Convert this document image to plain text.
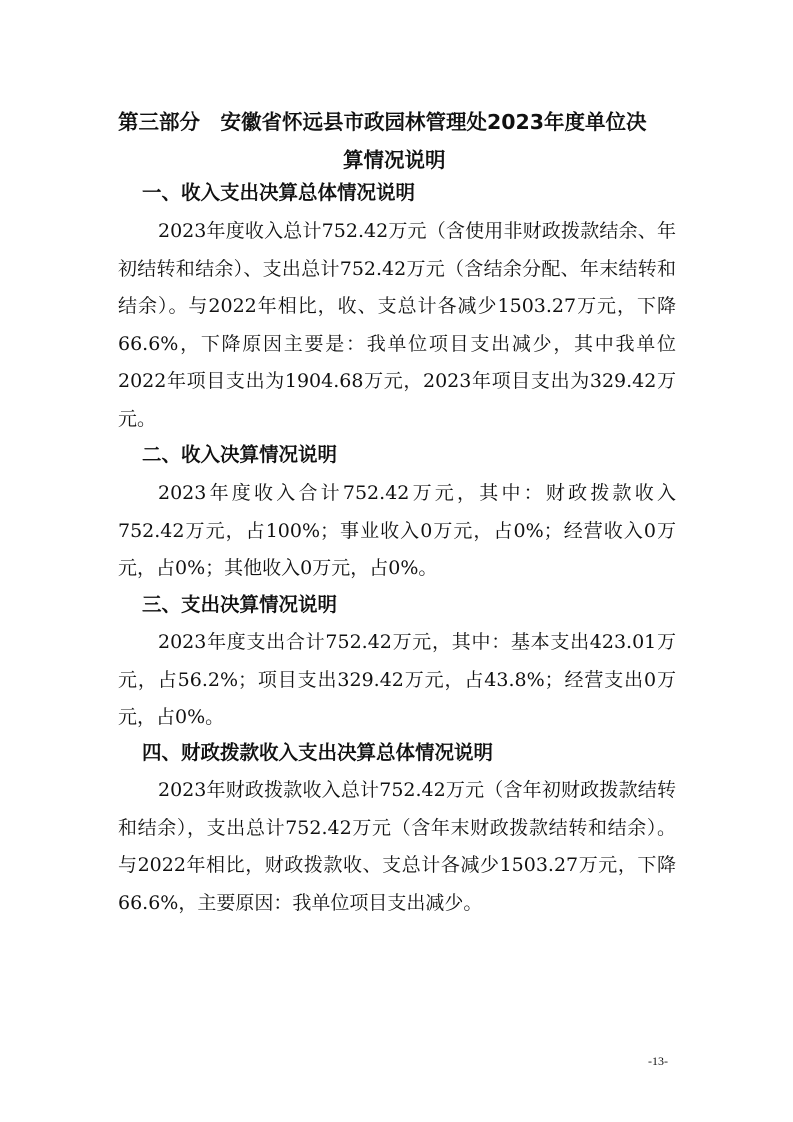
第三部分　安徽省怀远县市政园林管理处2023年度单位决
算情况说明
一、收入支出决算总体情况说明

2023年度收入总计752.42万元（含使用非财政拨款结余、年初结转和结余）、支出总计752.42万元（含结余分配、年末结转和结余）。与2022年相比，收、支总计各减少1503.27万元，下降66.6%，下降原因主要是：我单位项目支出减少，其中我单位2022年项目支出为1904.68万元，2023年项目支出为329.42万元。

二、收入决算情况说明

2023年度收入合计752.42万元，其中：财政拨款收入752.42万元，占100%；事业收入0万元，占0%；经营收入0万元，占0%；其他收入0万元，占0%。

三、支出决算情况说明

2023年度支出合计752.42万元，其中：基本支出423.01万元，占56.2%；项目支出329.42万元，占43.8%；经营支出0万元，占0%。

四、财政拨款收入支出决算总体情况说明

2023年财政拨款收入总计752.42万元（含年初财政拨款结转和结余），支出总计752.42万元（含年末财政拨款结转和结余）。与2022年相比，财政拨款收、支总计各减少1503.27万元，下降66.6%，主要原因：我单位项目支出减少。

-13-
